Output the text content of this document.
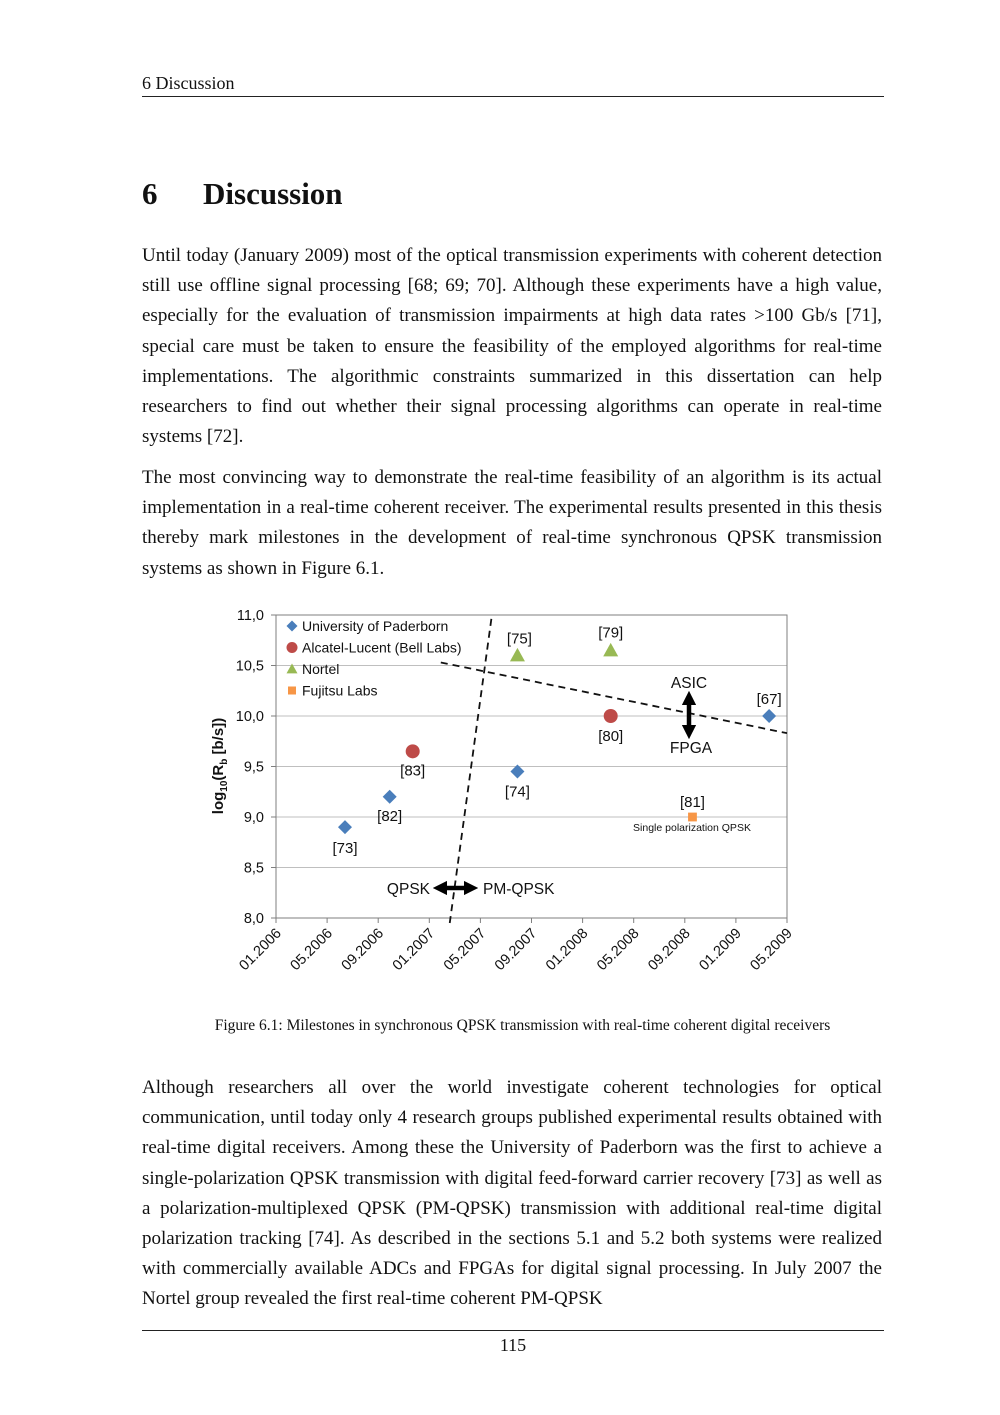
6 Discussion
6 Discussion

Until today (January 2009) most of the optical transmission experiments with coherent detection still use offline signal processing [68; 69; 70]. Although these experiments have a high value, especially for the evaluation of transmission impairments at high data rates >100 Gb/s [71], special care must be taken to ensure the feasibility of the employed algorithms for real-time implementations. The algorithmic constraints summarized in this dissertation can help researchers to find out whether their signal processing algorithms can operate in real-time systems [72].

The most convincing way to demonstrate the real-time feasibility of an algorithm is its actual implementation in a real-time coherent receiver. The experimental results presented in this thesis thereby mark milestones in the development of real-time synchronous QPSK transmission systems as shown in Figure 6.1.

8,0
8,5
9,0
9,5
10,0
10,5
11,0
01.2006 05.2006 09.2006 01.2007 05.2007 09.2007 01.2008 05.2008 09.2008 01.2009 05.2009
[73]
[82]
[74]
[67]
[83]
[80]
[75]	[79]
[81]
University of Paderborn
Alcatel-Lucent (Bell Labs)
Nortel
Fujitsu Labs	ASIC
FPGA
QPSK	PM-QPSK
Single polarization QPSK
$\log_{10}(R_b$ [b/s])
Figure 6.1: Milestones in synchronous QPSK transmission with real-time coherent digital receivers

Although researchers all over the world investigate coherent technologies for optical communication, until today only 4 research groups published experimental results obtained with real-time digital receivers. Among these the University of Paderborn was the first to achieve a single-polarization QPSK transmission with digital feed-forward carrier recovery [73] as well as a polarization-multiplexed QPSK (PM-QPSK) transmission with additional real-time digital polarization tracking [74]. As described in the sections 5.1 and 5.2 both systems were realized with commercially available ADCs and FPGAs for digital signal processing. In July 2007 the Nortel group revealed the first real-time coherent PM-QPSK

115
